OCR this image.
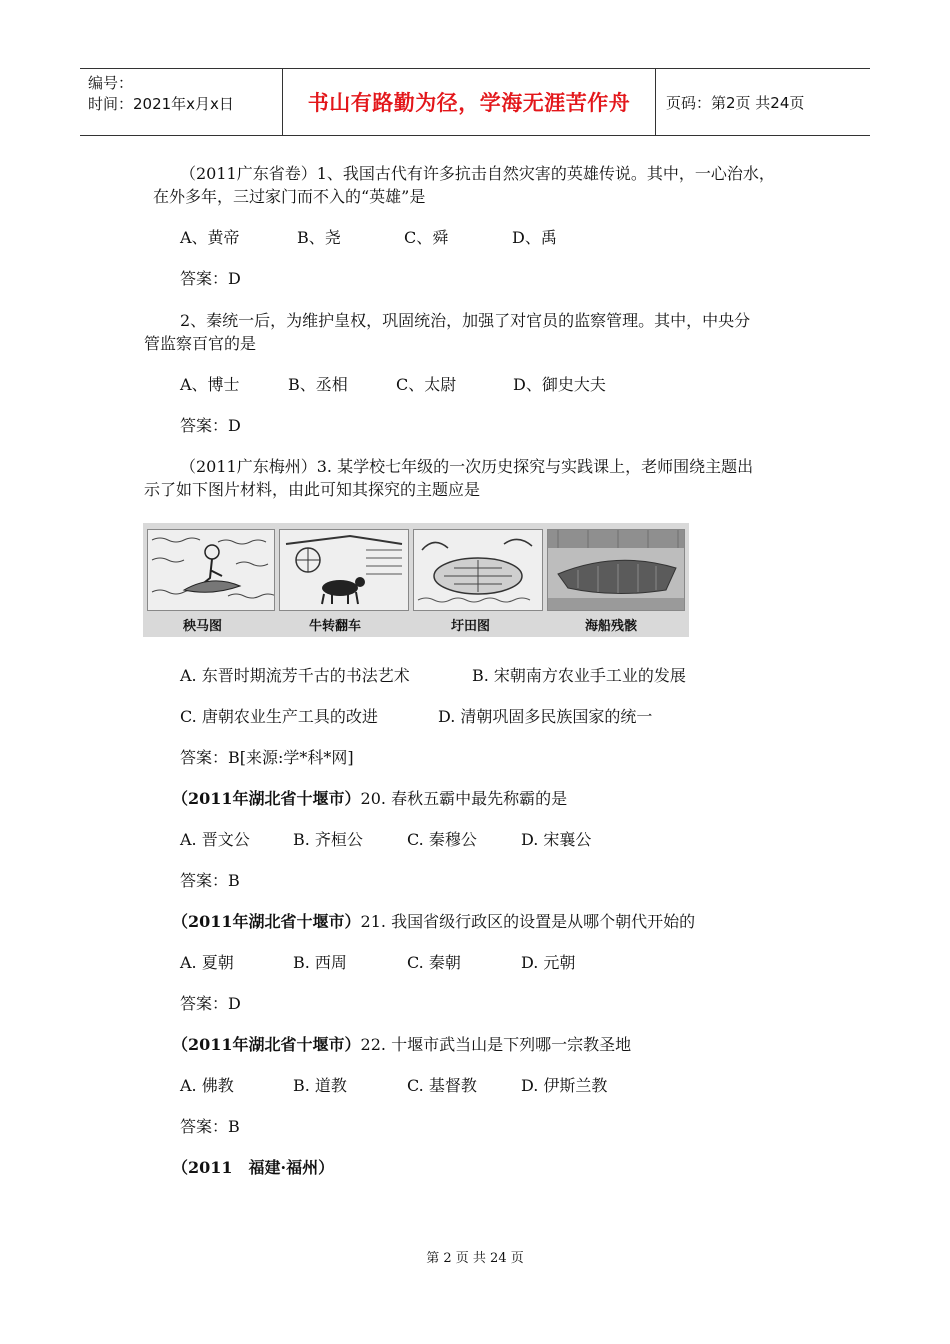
编号：
时间：2021年x月x日	书山有路勤为径，学海无涯苦作舟	页码：第2页 共24页
（2011广东省卷）1、我国古代有许多抗击自然灾害的英雄传说。其中，一心治水，
在外多年，三过家门而不入的“英雄”是
A、黄帝	B、尧	C、舜	D、禹
答案：D
2、秦统一后，为维护皇权，巩固统治，加强了对官员的监察管理。其中，中央分
管监察百官的是
A、博士	B、丞相	C、太尉	D、御史大夫
答案：D
（2011广东梅州）3. 某学校七年级的一次历史探究与实践课上，老师围绕主题出
示了如下图片材料，由此可知其探究的主题应是
秧马图	牛转翻车	圩田图	海船残骸
A. 东晋时期流芳千古的书法艺术	B. 宋朝南方农业手工业的发展
C. 唐朝农业生产工具的改进	D. 清朝巩固多民族国家的统一
答案：B[来源:学*科*网]
（2011年湖北省十堰市）20. 春秋五霸中最先称霸的是
A. 晋文公	B. 齐桓公	C. 秦穆公	D. 宋襄公
答案：B
（2011年湖北省十堰市）21. 我国省级行政区的设置是从哪个朝代开始的
A. 夏朝	B. 西周	C. 秦朝	D. 元朝
答案：D
（2011年湖北省十堰市）22. 十堰市武当山是下列哪一宗教圣地
A. 佛教	B. 道教	C. 基督教	D. 伊斯兰教
答案：B
（2011　福建·福州）
第 2 页 共 24 页
